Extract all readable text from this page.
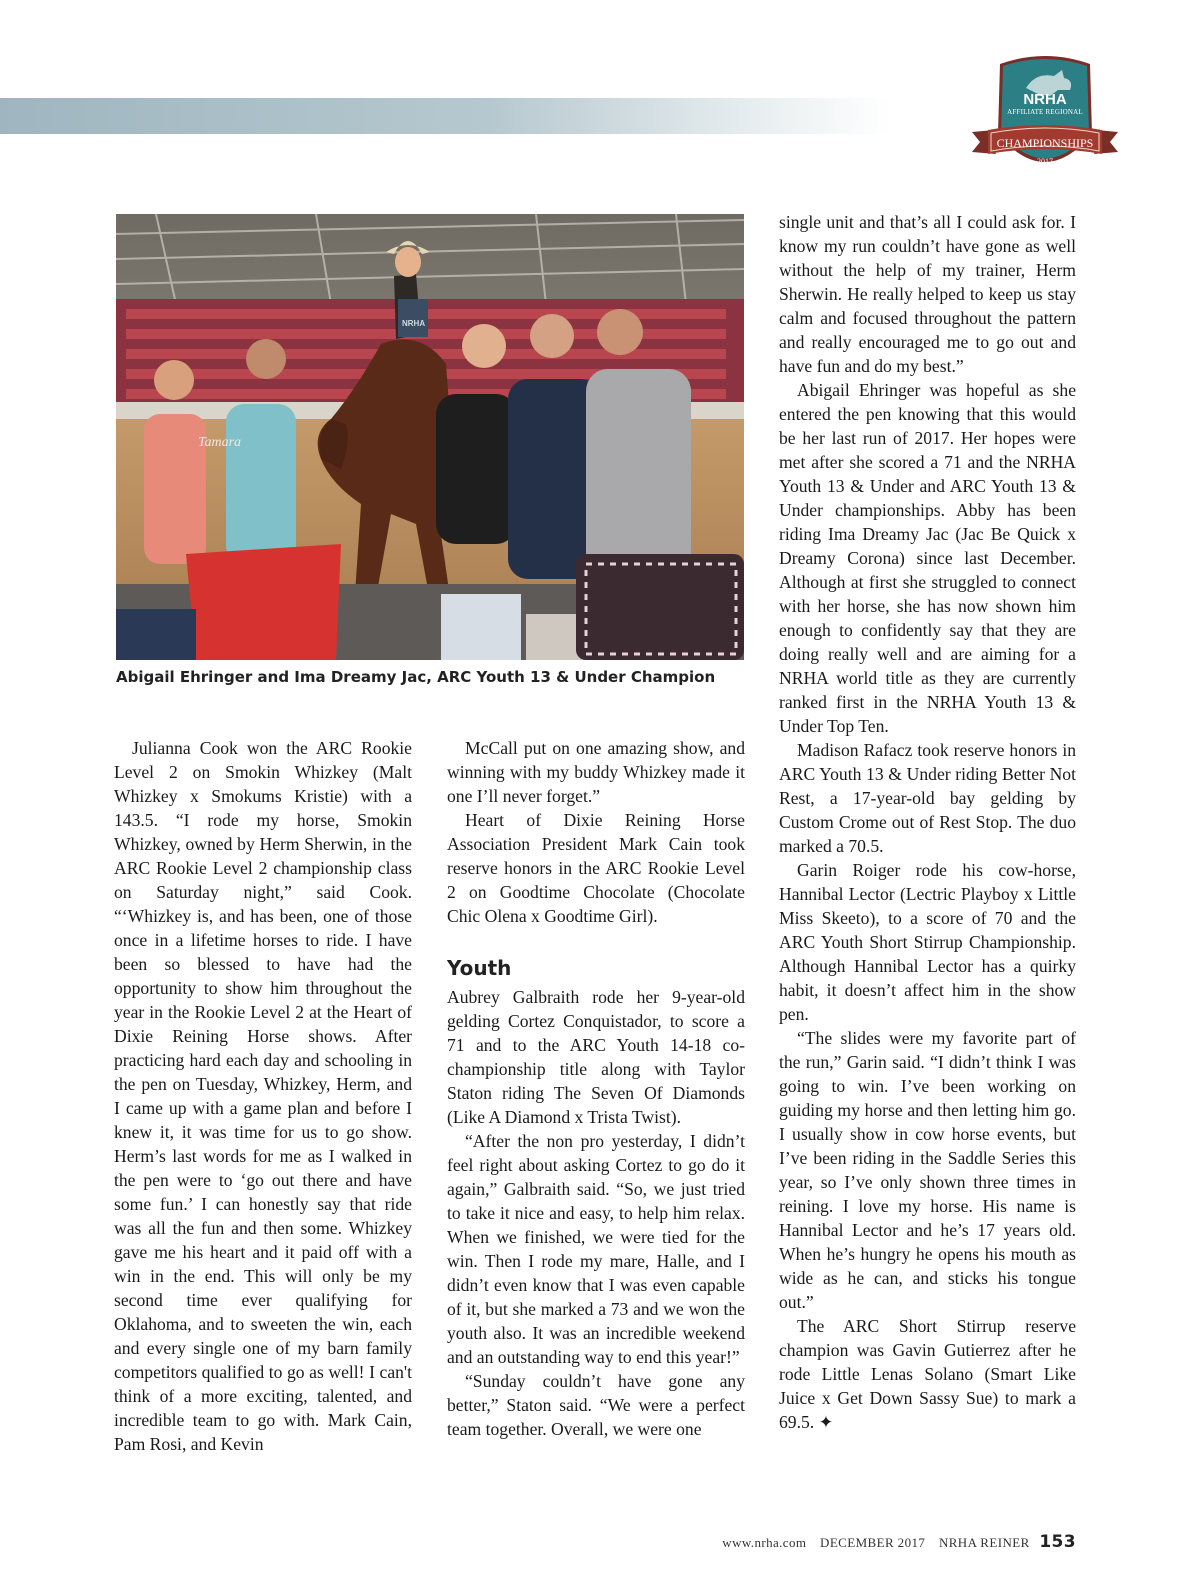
NRHA
AFFILIATE REGIONAL
CHAMPIONSHIPS
2017
Tamara
NRHA
Abigail Ehringer and Ima Dreamy Jac, ARC Youth 13 & Under Champion

Julianna Cook won the ARC Rookie Level 2 on Smokin Whizkey (Malt Whizkey x Smokums Kristie) with a 143.5. “I rode my horse, Smokin Whizkey, owned by Herm Sherwin, in the ARC Rookie Level 2 championship class on Saturday night,” said Cook. “‘Whizkey is, and has been, one of those once in a lifetime horses to ride. I have been so blessed to have had the opportunity to show him throughout the year in the Rookie Level 2 at the Heart of Dixie Reining Horse shows. After practicing hard each day and schooling in the pen on Tuesday, Whizkey, Herm, and I came up with a game plan and before I knew it, it was time for us to go show. Herm’s last words for me as I walked in the pen were to ‘go out there and have some fun.’ I can honestly say that ride was all the fun and then some. Whizkey gave me his heart and it paid off with a win in the end. This will only be my second time ever qualifying for Oklahoma, and to sweeten the win, each and every single one of my barn family competitors qualified to go as well! I can't think of a more exciting, talented, and incredible team to go with. Mark Cain, Pam Rosi, and Kevin

McCall put on one amazing show, and winning with my buddy Whizkey made it one I’ll never forget.”

Heart of Dixie Reining Horse Association President Mark Cain took reserve honors in the ARC Rookie Level 2 on Goodtime Chocolate (Chocolate Chic Olena x Goodtime Girl).

Youth

Aubrey Galbraith rode her 9-year-old gelding Cortez Conquistador, to score a 71 and to the ARC Youth 14-18 co-championship title along with Taylor Staton riding The Seven Of Diamonds (Like A Diamond x Trista Twist).

“After the non pro yesterday, I didn’t feel right about asking Cortez to go do it again,” Galbraith said. “So, we just tried to take it nice and easy, to help him relax. When we finished, we were tied for the win. Then I rode my mare, Halle, and I didn’t even know that I was even capable of it, but she marked a 73 and we won the youth also. It was an incredible weekend and an outstanding way to end this year!”

“Sunday couldn’t have gone any better,” Staton said. “We were a perfect team together. Overall, we were one

single unit and that’s all I could ask for. I know my run couldn’t have gone as well without the help of my trainer, Herm Sherwin. He really helped to keep us stay calm and focused throughout the pattern and really encouraged me to go out and have fun and do my best.”

Abigail Ehringer was hopeful as she entered the pen knowing that this would be her last run of 2017. Her hopes were met after she scored a 71 and the NRHA Youth 13 & Under and ARC Youth 13 & Under championships. Abby has been riding Ima Dreamy Jac (Jac Be Quick x Dreamy Corona) since last December. Although at first she struggled to connect with her horse, she has now shown him enough to confidently say that they are doing really well and are aiming for a NRHA world title as they are currently ranked first in the NRHA Youth 13 & Under Top Ten.

Madison Rafacz took reserve honors in ARC Youth 13 & Under riding Better Not Rest, a 17-year-old bay gelding by Custom Crome out of Rest Stop. The duo marked a 70.5.

Garin Roiger rode his cow-horse, Hannibal Lector (Lectric Playboy x Little Miss Skeeto), to a score of 70 and the ARC Youth Short Stirrup Championship. Although Hannibal Lector has a quirky habit, it doesn’t affect him in the show pen.

“The slides were my favorite part of the run,” Garin said. “I didn’t think I was going to win. I’ve been working on guiding my horse and then letting him go. I usually show in cow horse events, but I’ve been riding in the Saddle Series this year, so I’ve only shown three times in reining. I love my horse. His name is Hannibal Lector and he’s 17 years old. When he’s hungry he opens his mouth as wide as he can, and sticks his tongue out.”

The ARC Short Stirrup reserve champion was Gavin Gutierrez after he rode Little Lenas Solano (Smart Like Juice x Get Down Sassy Sue) to mark a 69.5. ✦

www.nrha.com DECEMBER 2017 NRHA REINER 153
